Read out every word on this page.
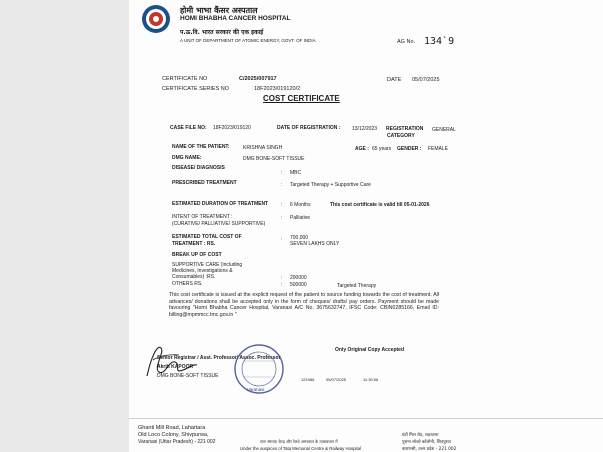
होमी भाभा कैंसर अस्पताल
HOMI BHABHA CANCER HOSPITAL
प.ऊ.वि. भारत सरकार की एक इकाई
A UNIT OF DEPARTMENT OF ATOMIC ENERGY, GOVT. OF INDIA	AG No. 134`9
CERTIFICATE NO	C/2025/007917	DATE 05/07/2025
CERTIFICATE SERIES NO	18F2023/019120/2
COST CERTIFICATE
CASE FILE NO: 18F2023/019120	DATE OF REGISTRATION : 13/12/2023 REGISTRATION
CATEGORY
GENERAL
NAME OF THE PATIENT:	KRISHNA SINGH	AGE : 65 years GENDER : FEMALE
DMG NAME:	DMG BONE-SOFT TISSUE
DISEASE/ DIAGNOSIS
: MBC
PRESCRIBED TREATMENT	: Targeted Therapy + Supportive Care
ESTIMATED DURATION OF TREATMENT	: 6 Months	This cost certificate is valid till 05-01-2026
INTENT OF TREATMENT :
(CURATIVE/ PALLIATIVE/ SUPPORTIVE)
: Palliative
ESTIMATED TOTAL COST OF
TREATMENT : RS.
: 700,000
SEVEN LAKHS ONLY
BREAK UP OF COST
SUPPORTIVE CARE (including
Medicines, Investigations &
Consumables) :RS.	: 200000
OTHERS RS.	: 500000	Targeted Therapy
This cost certificate is issued at the explicit request of the patient to source funding towards the cost of treatment. All advances/ donations shall be accepted only in the form of cheques/ drafts/ pay orders. Payment should be made favouring "Homi Bhabha Cancer Hospital, Varanasi A/C No. 3675632747, IFSC Code: CBIN0285166, Email ID: billing@mpmmcc.tmc.gov.in "
Senior Registrar / Asst. Professor/ Assoc. Professor
Akriti KAPOOR
DMG BONE-SOFT TISSUE
Varanasi
Only Original Copy Accepted
121986	05/07/2025	11:30:06
Ghanti Mill Road, Lahartara
Old Loco Colony, Shivpurwa,
Varanasi (Uttar Pradesh) - 221 002	टाटा स्मारक केन्द्र और रेलवे अस्पताल के तत्वावधान में
Under the auspices of Tata Memorial Centre & Railway Hospital
घंटी मिल रोड, लहरतारा
पुराना लोको कॉलोनी, शिवपुरवा
वाराणसी, उत्तर प्रदेश - 221 002
